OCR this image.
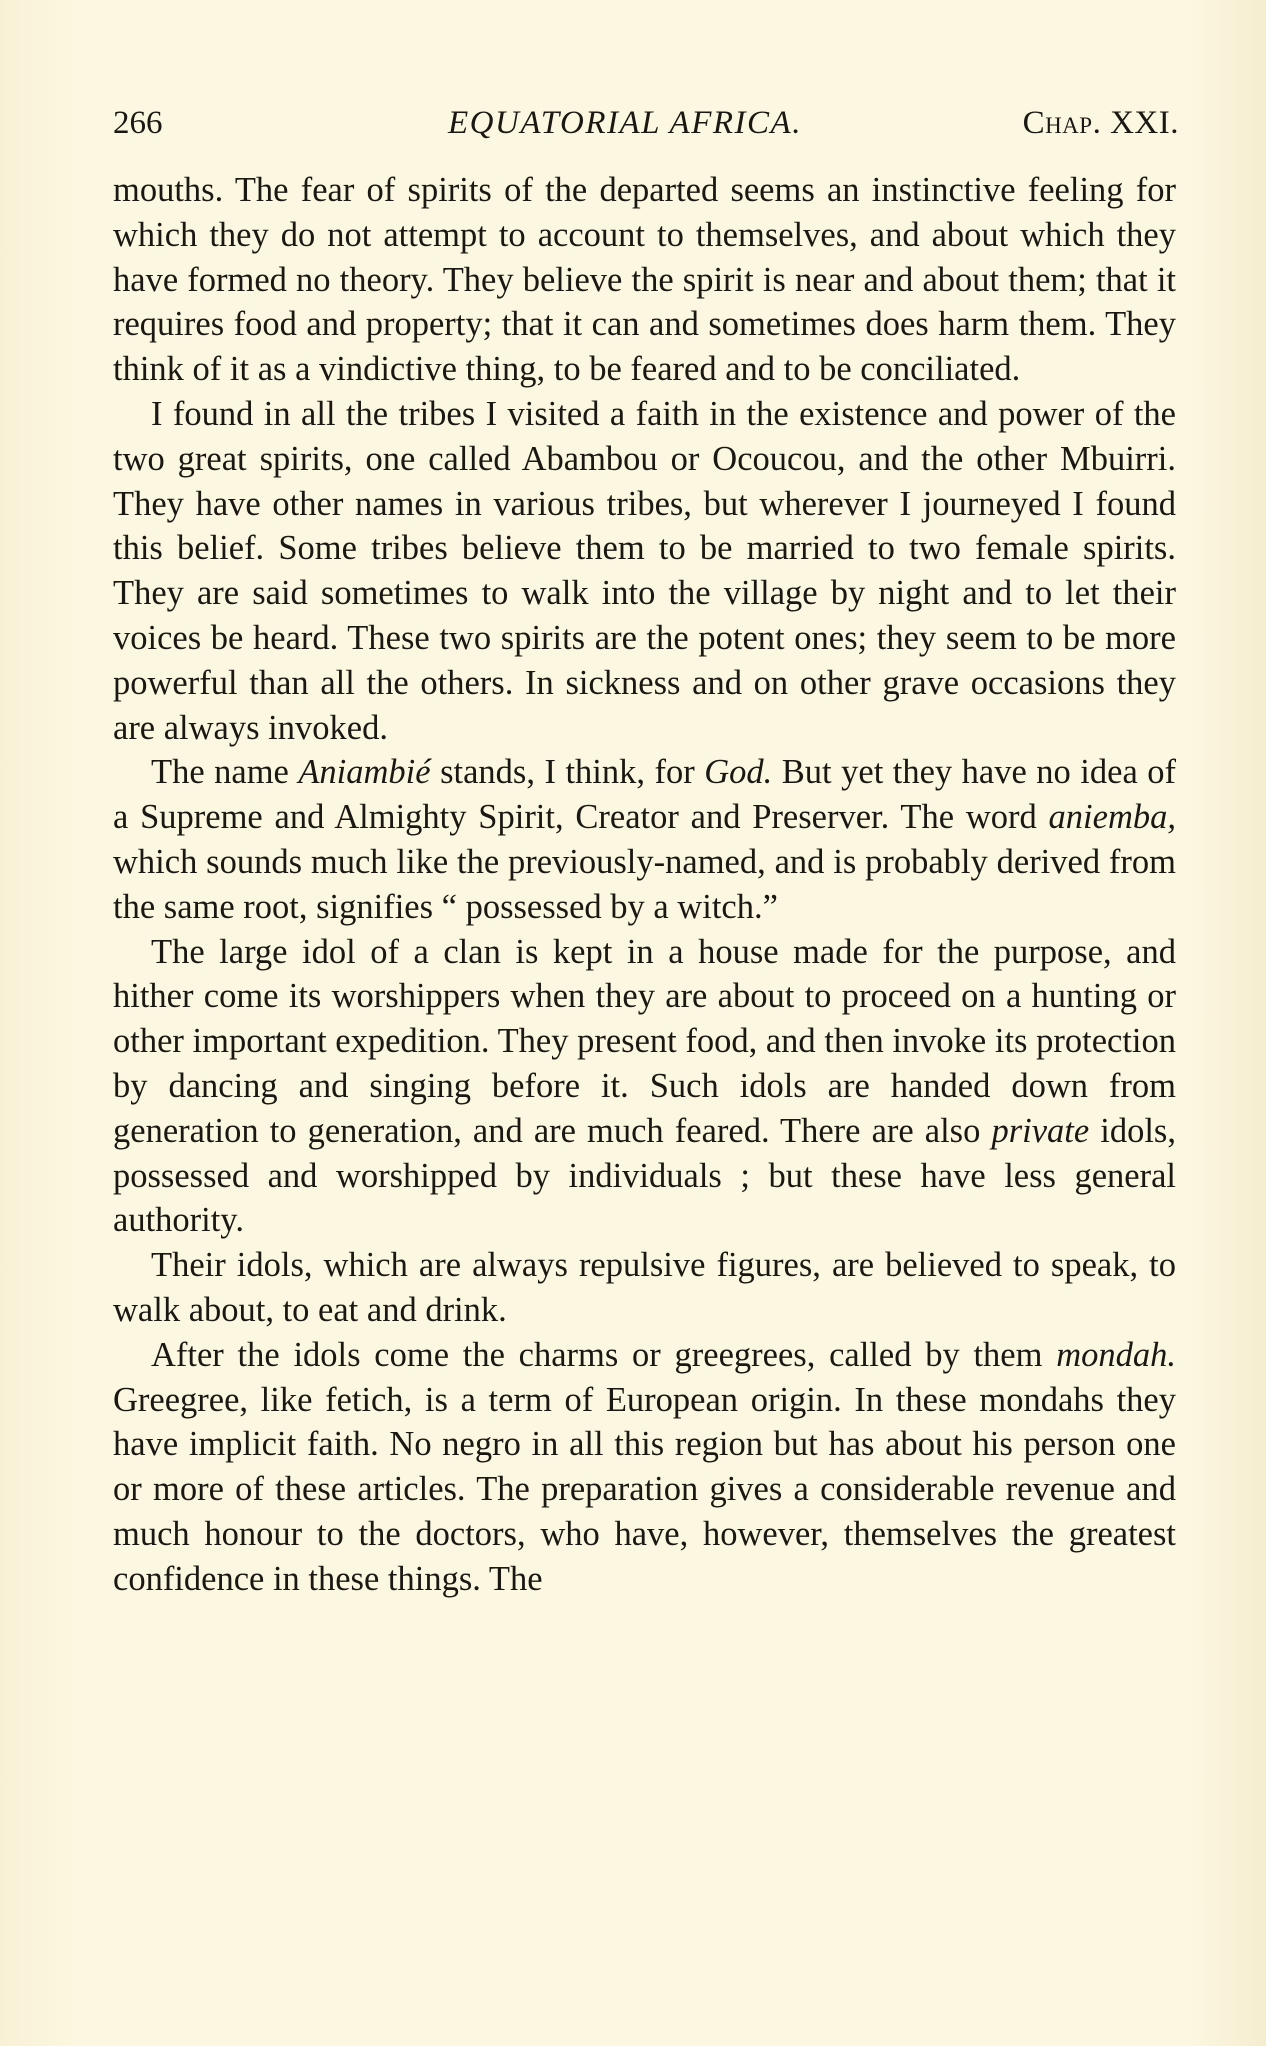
266	EQUATORIAL AFRICA.	Chap. XXI.

mouths. The fear of spirits of the departed seems an instinctive feeling for which they do not attempt to account to themselves, and about which they have formed no theory. They believe the spirit is near and about them; that it requires food and property; that it can and sometimes does harm them. They think of it as a vindictive thing, to be feared and to be conciliated.

I found in all the tribes I visited a faith in the existence and power of the two great spirits, one called Abambou or Ocoucou, and the other Mbuirri. They have other names in various tribes, but wherever I journeyed I found this belief. Some tribes believe them to be married to two female spirits. They are said sometimes to walk into the village by night and to let their voices be heard. These two spirits are the potent ones; they seem to be more powerful than all the others. In sickness and on other grave occasions they are always invoked.

The name Aniambié stands, I think, for God. But yet they have no idea of a Supreme and Almighty Spirit, Creator and Preserver. The word aniemba, which sounds much like the previously-named, and is probably derived from the same root, signifies “ possessed by a witch.”

The large idol of a clan is kept in a house made for the purpose, and hither come its worshippers when they are about to proceed on a hunting or other important expedition. They present food, and then invoke its protection by dancing and singing before it. Such idols are handed down from generation to generation, and are much feared. There are also private idols, possessed and worshipped by individuals ; but these have less general authority.

Their idols, which are always repulsive figures, are believed to speak, to walk about, to eat and drink.

After the idols come the charms or greegrees, called by them mondah. Greegree, like fetich, is a term of European origin. In these mondahs they have implicit faith. No negro in all this region but has about his person one or more of these articles. The preparation gives a considerable revenue and much honour to the doctors, who have, however, themselves the greatest confidence in these things. The
